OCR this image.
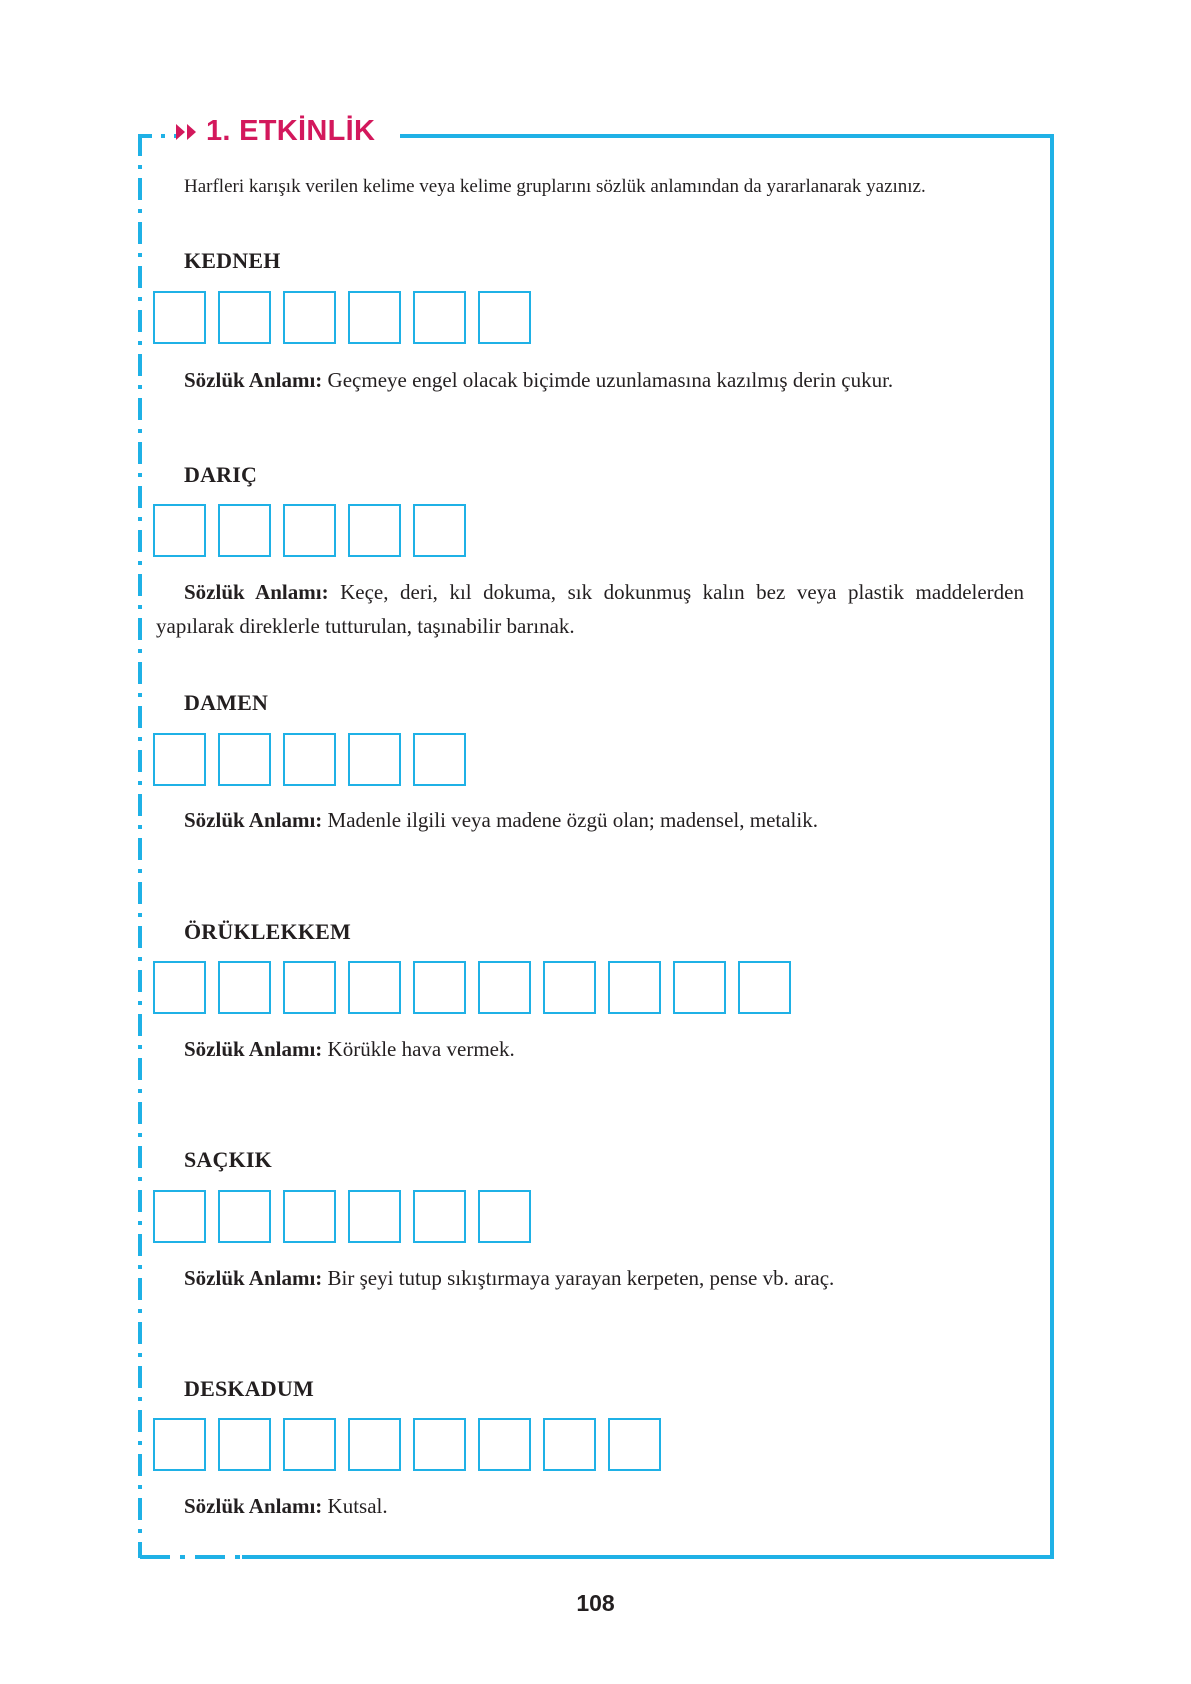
1. ETKİNLİK

Harfleri karışık verilen kelime veya kelime gruplarını sözlük anlamından da yararlanarak yazınız.

KEDNEH

Sözlük Anlamı: Geçmeye engel olacak biçimde uzunlamasına kazılmış derin çukur.

DARIÇ

Sözlük Anlamı: Keçe, deri, kıl dokuma, sık dokunmuş kalın bez veya plastik maddelerden yapılarak direklerle tutturulan, taşınabilir barınak.

DAMEN

Sözlük Anlamı: Madenle ilgili veya madene özgü olan; madensel, metalik.

ÖRÜKLEKKEM

Sözlük Anlamı: Körükle hava vermek.

SAÇKIK

Sözlük Anlamı: Bir şeyi tutup sıkıştırmaya yarayan kerpeten, pense vb. araç.

DESKADUM

Sözlük Anlamı: Kutsal.

108
